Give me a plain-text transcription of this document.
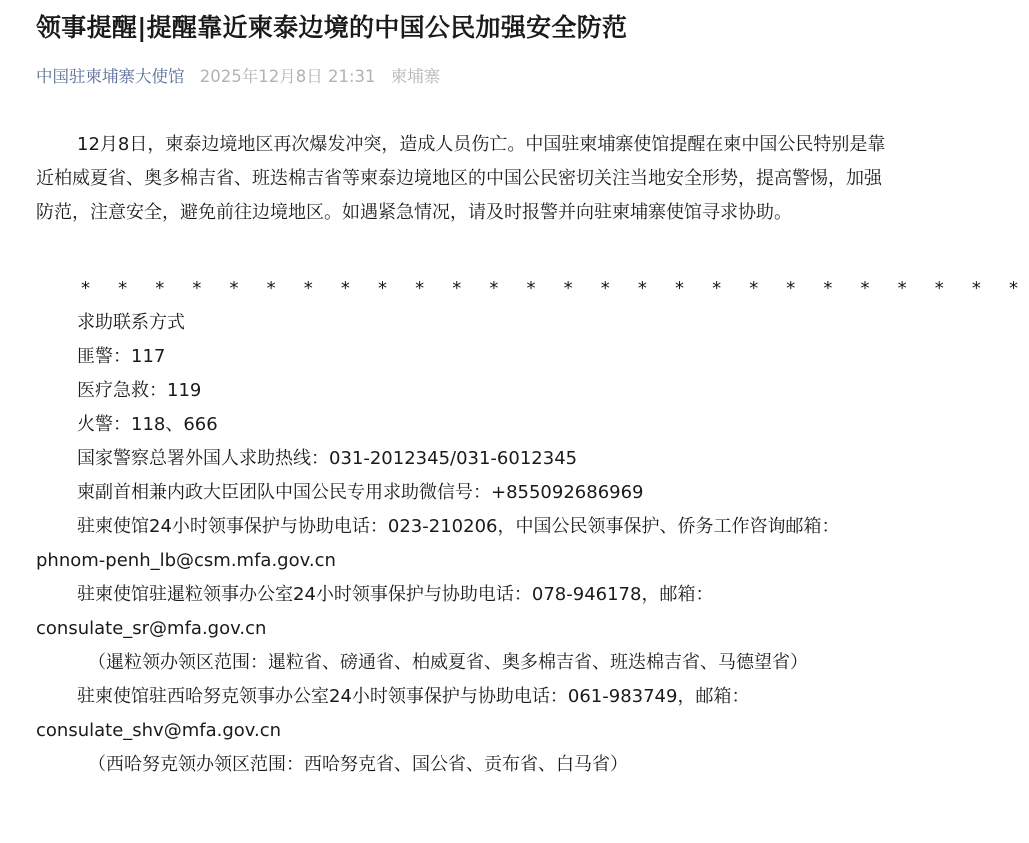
领事提醒|提醒靠近柬泰边境的中国公民加强安全防范
中国驻柬埔寨大使馆 2025年12月8日 21:31 柬埔寨

12月8日，柬泰边境地区再次爆发冲突，造成人员伤亡。中国驻柬埔寨使馆提醒在柬中国公民特别是靠近柏威夏省、奥多棉吉省、班迭棉吉省等柬泰边境地区的中国公民密切关注当地安全形势，提高警惕，加强防范，注意安全，避免前往边境地区。如遇紧急情况，请及时报警并向驻柬埔寨使馆寻求协助。

* * * * * * * * * * * * * * * * * * * * * * * * * *

求助联系方式

匪警：117

医疗急救：119

火警：118、666

国家警察总署外国人求助热线：031-2012345/031-6012345

柬副首相兼内政大臣团队中国公民专用求助微信号：+855092686969

驻柬使馆24小时领事保护与协助电话：023-210206，中国公民领事保护、侨务工作咨询邮箱：phnom-penh_lb@csm.mfa.gov.cn

驻柬使馆驻暹粒领事办公室24小时领事保护与协助电话：078-946178，邮箱：consulate_sr@mfa.gov.cn

（暹粒领办领区范围：暹粒省、磅通省、柏威夏省、奥多棉吉省、班迭棉吉省、马德望省）

驻柬使馆驻西哈努克领事办公室24小时领事保护与协助电话：061-983749，邮箱：consulate_shv@mfa.gov.cn

（西哈努克领办领区范围：西哈努克省、国公省、贡布省、白马省）
